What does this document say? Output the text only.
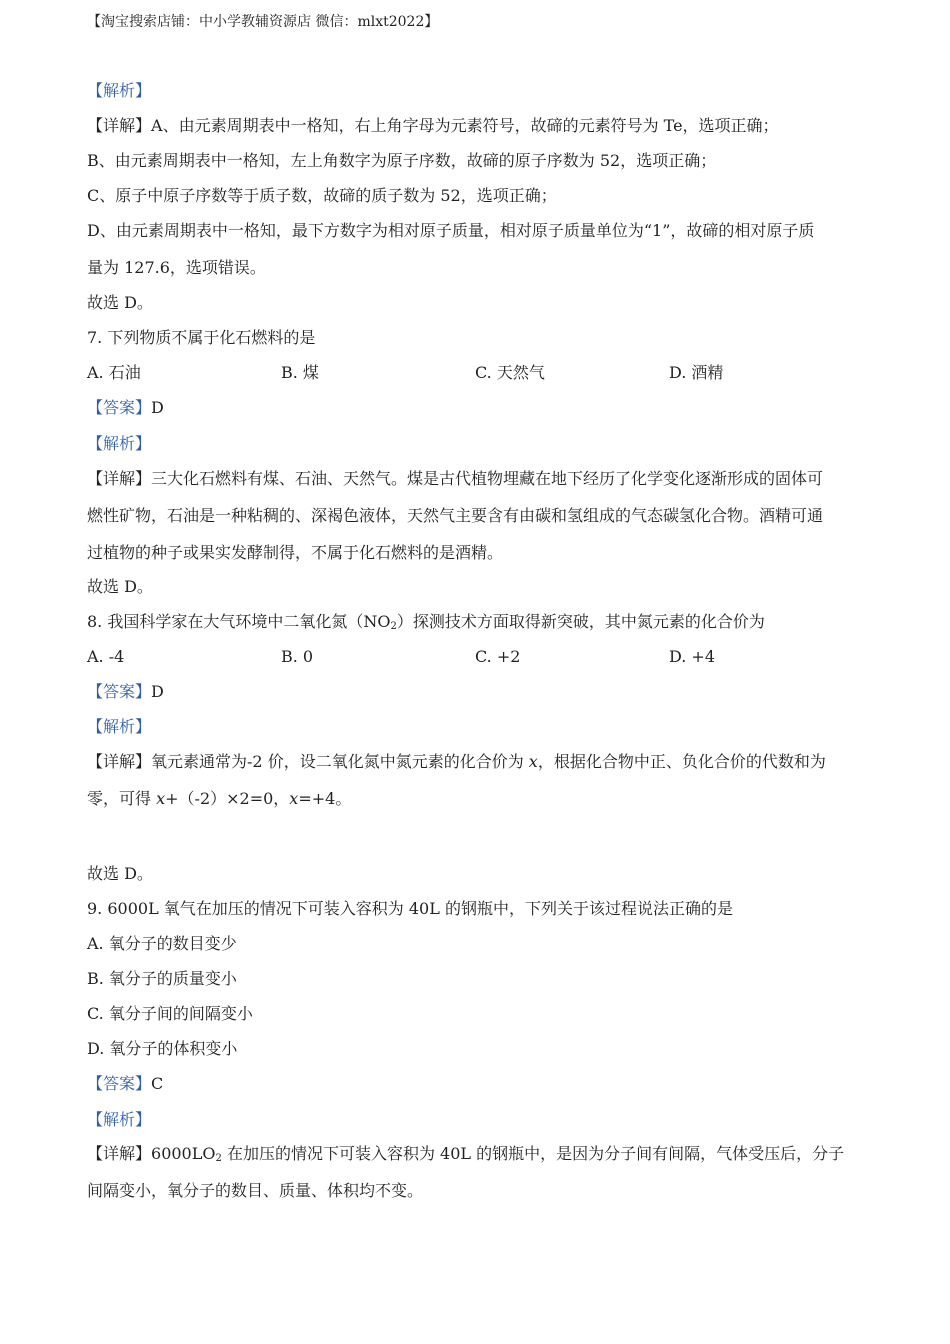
【淘宝搜索店铺：中小学教辅资源店 微信：mlxt2022】
【解析】
【详解】A、由元素周期表中一格知，右上角字母为元素符号，故碲的元素符号为 Te，选项正确；
B、由元素周期表中一格知，左上角数字为原子序数，故碲的原子序数为 52，选项正确；
C、原子中原子序数等于质子数，故碲的质子数为 52，选项正确；
D、由元素周期表中一格知，最下方数字为相对原子质量，相对原子质量单位为“1”，故碲的相对原子质
量为 127.6，选项错误。
故选 D。
7. 下列物质不属于化石燃料的是
A. 石油	B. 煤	C. 天然气	D. 酒精
【答案】D
【解析】
【详解】三大化石燃料有煤、石油、天然气。煤是古代植物埋藏在地下经历了化学变化逐渐形成的固体可
燃性矿物，石油是一种粘稠的、深褐色液体，天然气主要含有由碳和氢组成的气态碳氢化合物。酒精可通
过植物的种子或果实发酵制得，不属于化石燃料的是酒精。
故选 D。
8. 我国科学家在大气环境中二氧化氮$(NO_2)$探测技术方面取得新突破，其中氮元素的化合价为
A. -4	B. 0	C. +2	D. +4
【答案】D
【解析】
【详解】氧元素通常为-2 价，设二氧化氮中氮元素的化合价为 x，根据化合物中正、负化合价的代数和为
零，可得 x+（-2）×2=0，x=+4。
故选 D。
9. 6000L 氧气在加压的情况下可装入容积为 40L 的钢瓶中，下列关于该过程说法正确的是
A. 氧分子的数目变少
B. 氧分子的质量变小
C. 氧分子间的间隔变小
D. 氧分子的体积变小
【答案】C
【解析】
【详解】$6000LO_2$ 在加压的情况下可装入容积为 40L 的钢瓶中，是因为分子间有间隔，气体受压后，分子
间隔变小，氧分子的数目、质量、体积均不变。
